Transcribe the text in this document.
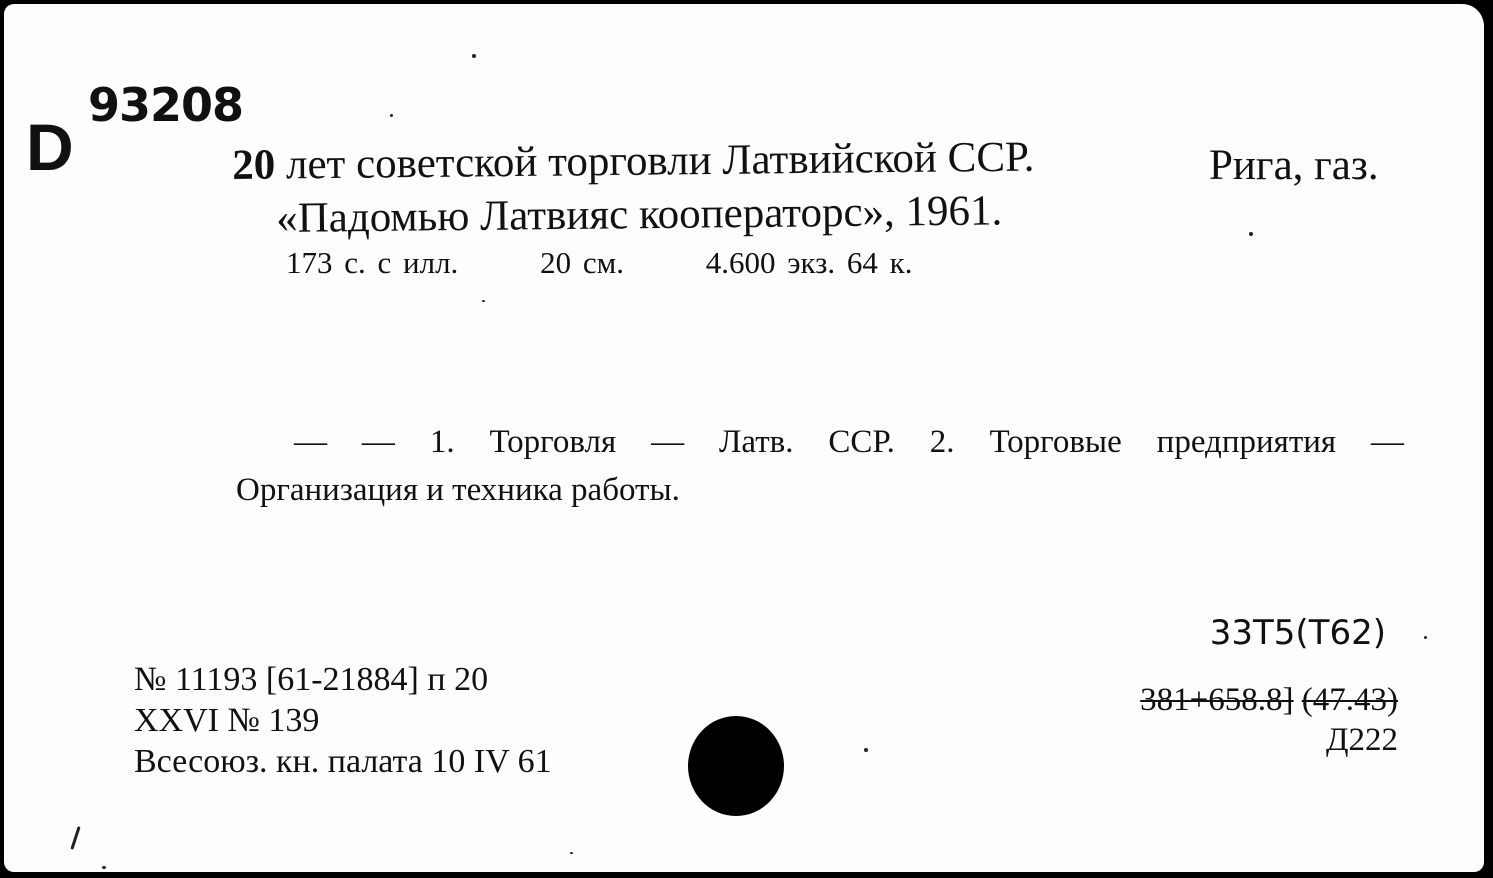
D
93208
20 лет советской торговли Латвийской ССР.	Рига, газ.
«Падомью Латвияс кооператорс», 1961.
173 с. с илл.	20 см.	4.600 экз. 64 к.
— — 1. Торговля — Латв. ССР. 2. Торговые предприятия —
Организация и техника работы.
№ 11193 [61-21884] п 20
XXVI № 139
Всесоюз. кн. палата 10 IV 61
33Т5(Т62)
381+658.8] (47.43)
Д222
